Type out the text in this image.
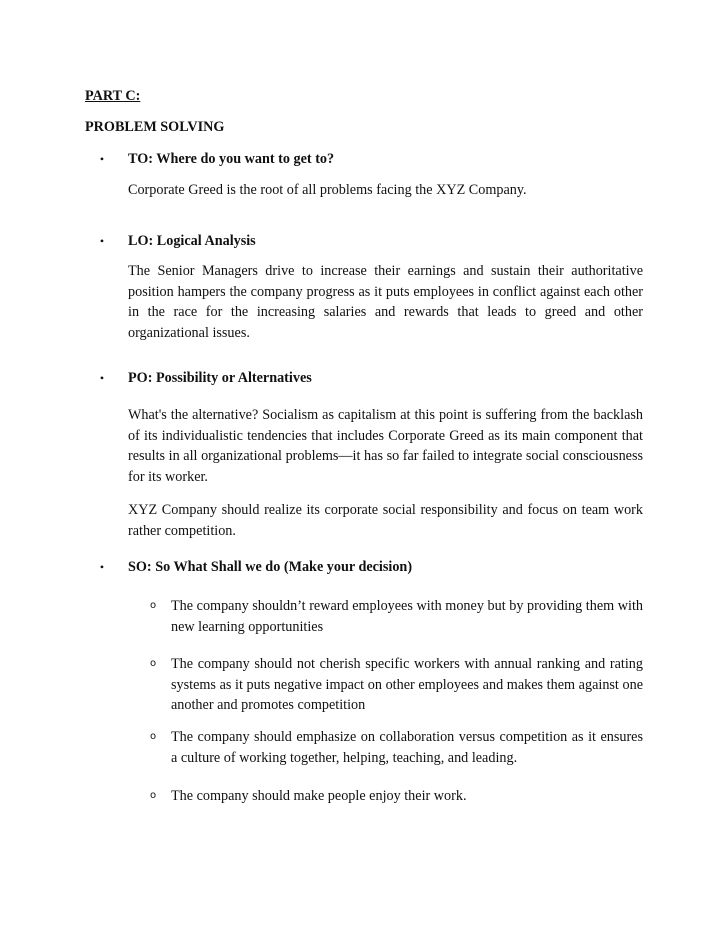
PART C:

PROBLEM SOLVING

• TO: Where do you want to get to?

Corporate Greed is the root of all problems facing the XYZ Company.

• LO: Logical Analysis

The Senior Managers drive to increase their earnings and sustain their authoritative position hampers the company progress as it puts employees in conflict against each other in the race for the increasing salaries and rewards that leads to greed and other organizational issues.

• PO: Possibility or Alternatives

What's the alternative? Socialism as capitalism at this point is suffering from the backlash of its individualistic tendencies that includes Corporate Greed as its main component that results in all organizational problems—it has so far failed to integrate social consciousness for its worker.

XYZ Company should realize its corporate social responsibility and focus on team work rather competition.

• SO: So What Shall we do (Make your decision)

o The company shouldn’t reward employees with money but by providing them with new learning opportunities

o The company should not cherish specific workers with annual ranking and rating systems as it puts negative impact on other employees and makes them against one another and promotes competition

o The company should emphasize on collaboration versus competition as it ensures a culture of working together, helping, teaching, and leading.

o The company should make people enjoy their work.
